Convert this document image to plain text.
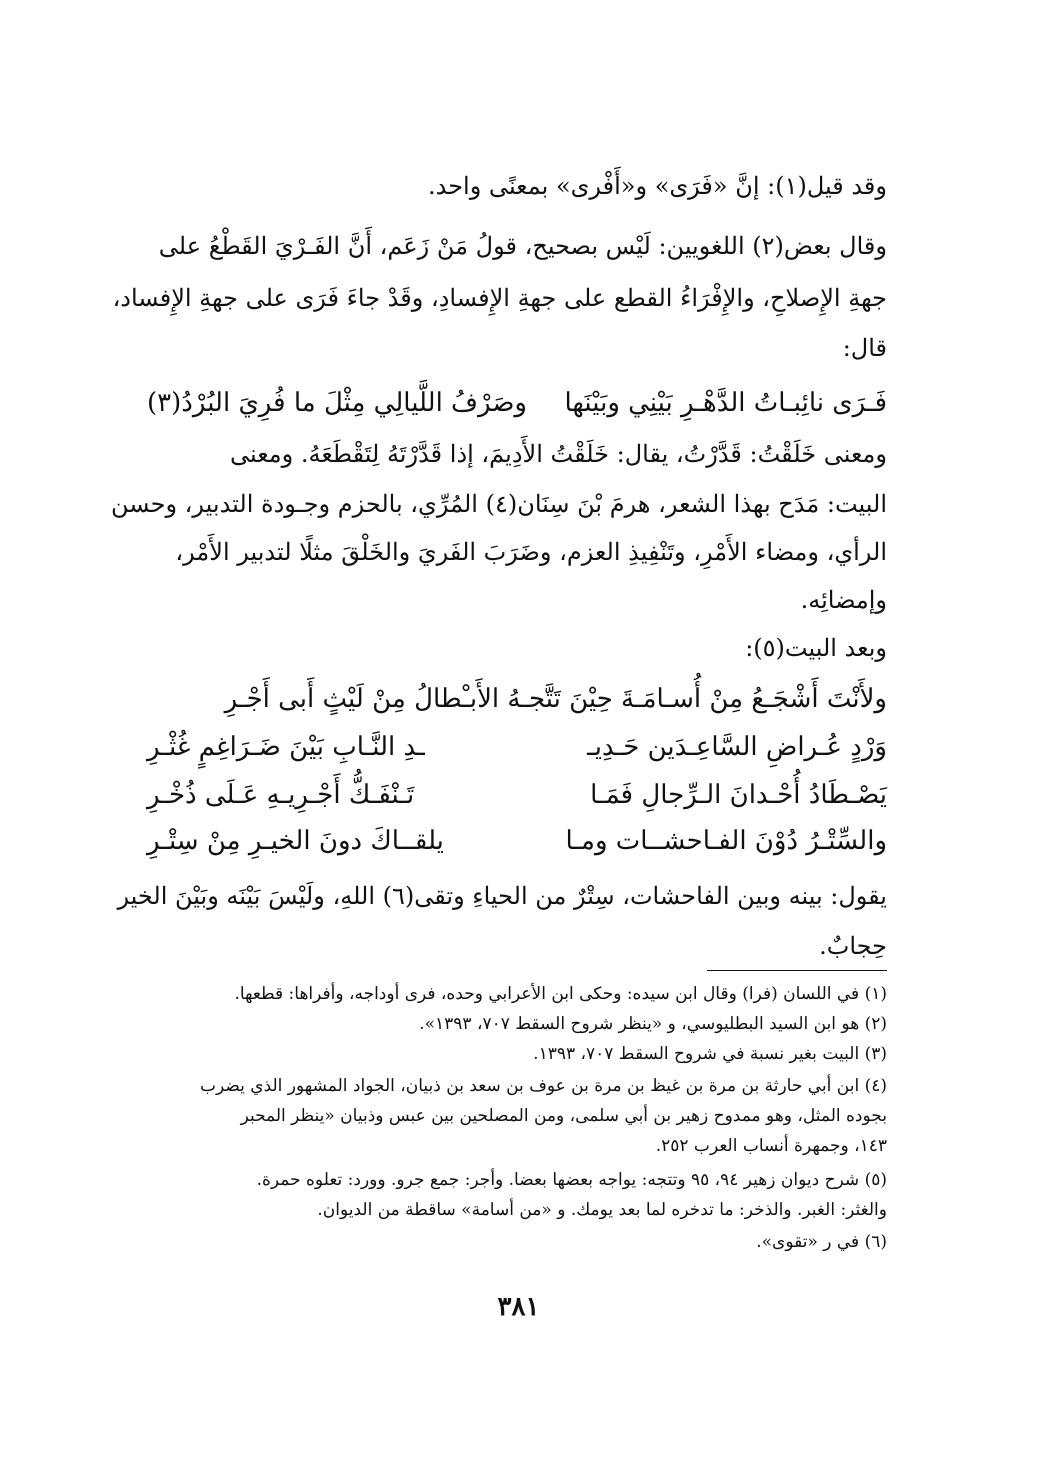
وقد قيل(١): إنَّ «فَرَى» و«أَفْرى» بمعنًى واحد.
وقال بعض(٢) اللغويين: لَيْس بصحيح، قولُ مَنْ زَعَم، أَنَّ الفَـرْيَ القَطْعُ على
جهةِ الإِصلاحِ، والإِفْرَاءُ القطع على جهةِ الإِفسادِ، وقَدْ جاءَ فَرَى على جهةِ الإِفساد،
قال:
فَـرَى نائِبـاتُ الدَّهْـرِ بَيْنِي وبَيْنَها
وصَرْفُ اللَّيالِي مِثْلَ ما فُرِيَ البُرْدُ(٣)
ومعنى خَلَقْتُ: قَدَّرْتُ، يقال: خَلَقْتُ الأَدِيمَ، إذا قَدَّرْتَهُ لِتَقْطَعَهُ. ومعنى
البيت: مَدَح بهذا الشعر، هرمَ بْنَ سِنَان(٤) المُرِّي، بالحزم وجـودة التدبير، وحسن
الرأي، ومضاء الأَمْرِ، وتَنْفِيذِ العزم، وضَرَبَ الفَريَ والخَلْقَ مثلًا لتدبير الأَمْر،
وإمضائِه.
وبعد البيت(٥):
ولأَنْتَ أَشْجَـعُ مِنْ أُسـامَـةَ حِيْنَ تَتَّجـهُ الأَبـْطالُ مِنْ لَيْثٍ أَبى أَجْـرِ
وَرْدٍ عُـراضِ السَّاعِـدَين حَـدِيـ
ـدِ النَّـابِ بَيْنَ ضَـرَاغِمٍ غُثْـرِ
يَصْـطَادُ أُحْـدانَ الـرِّجالِ فَمَـا
تَـنْفَـكُّ أَجْـرِيـهِ عَـلَى ذُخْـرِ
والسِّتْـرُ دُوْنَ الفـاحشــات ومـا
يلقــاكَ دونَ الخيـرِ مِنْ سِتْـرِ
يقول: بينه وبين الفاحشات، سِتْرٌ من الحياءِ وتقى(٦) اللهِ، ولَيْسَ بَيْنَه وبَيْنَ الخير
حِجابٌ.
(١) في اللسان (فرا) وقال ابن سيده: وحكى ابن الأعرابي وحده، فرى أوداجه، وأفراها: قطعها.
(٢) هو ابن السيد البطليوسي، و «ينظر شروح السقط ٧٠٧، ١٣٩٣».
(٣) البيت بغير نسبة في شروح السقط ٧٠٧، ١٣٩٣.
(٤) ابن أبي حارثة بن مرة بن غيظ بن مرة بن عوف بن سعد بن ذبيان، الجواد المشهور الذي يضرب
بجوده المثل، وهو ممدوح زهير بن أبي سلمى، ومن المصلحين بين عبس وذبيان «ينظر المحبر
١٤٣، وجمهرة أنساب العرب ٢٥٢.
(٥) شرح ديوان زهير ٩٤، ٩٥ وتتجه: يواجه بعضها بعضا. وأجر: جمع جرو. وورد: تعلوه حمرة.
والغثر: الغبر. والذخر: ما تدخره لما بعد يومك. و «من أسامة» ساقطة من الديوان.
(٦) في ر «تقوى».
٣٨١
